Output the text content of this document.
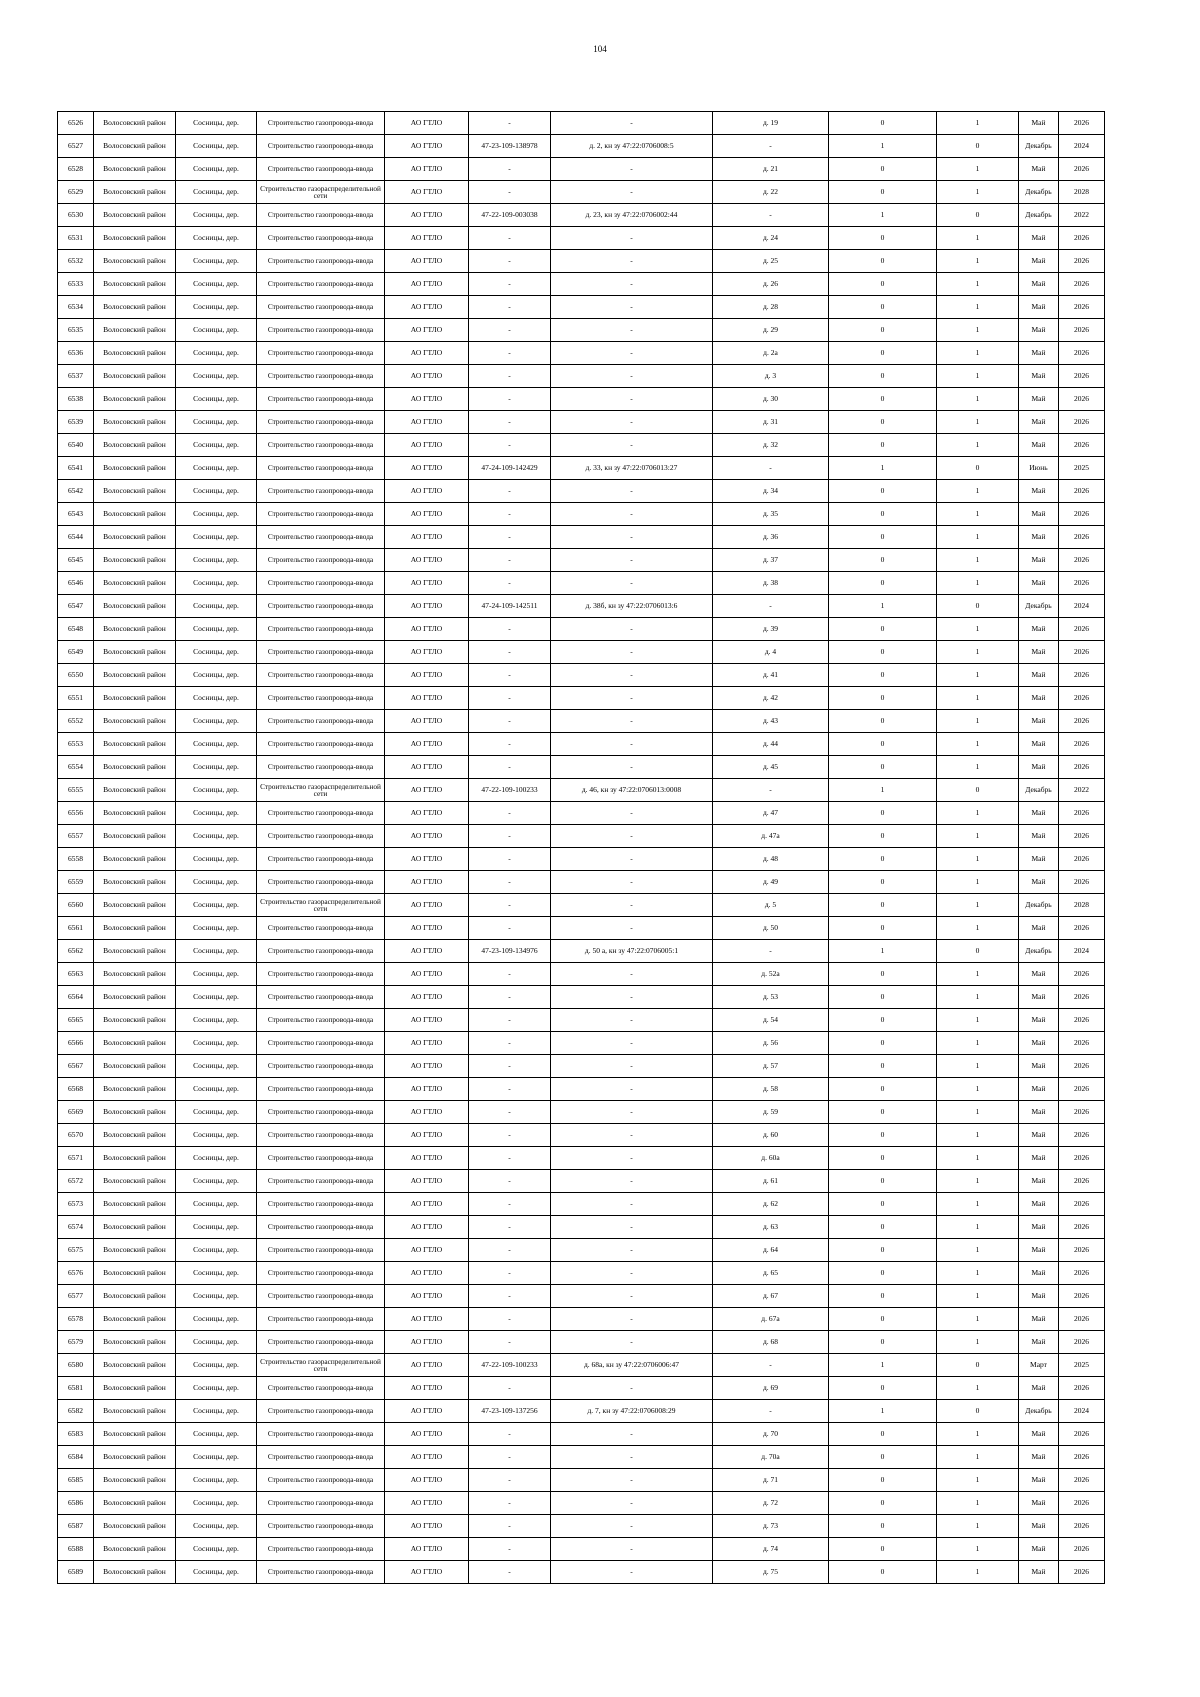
104
6526	Волосовский район	Сосницы, дер.	Строительство газопровода-ввода	АО ГТЛО	-	-	д. 19	0	1	Май	2026
6527	Волосовский район	Сосницы, дер.	Строительство газопровода-ввода	АО ГТЛО	47-23-109-138978	д. 2, кн зу 47:22:0706008:5	-	1	0	Декабрь	2024
6528	Волосовский район	Сосницы, дер.	Строительство газопровода-ввода	АО ГТЛО	-	-	д. 21	0	1	Май	2026
6529	Волосовский район	Сосницы, дер.	Строительство газораспределительной сети	АО ГТЛО	-	-	д. 22	0	1	Декабрь	2028
6530	Волосовский район	Сосницы, дер.	Строительство газопровода-ввода	АО ГТЛО	47-22-109-003038	д. 23, кн зу 47:22:0706002:44	-	1	0	Декабрь	2022
6531	Волосовский район	Сосницы, дер.	Строительство газопровода-ввода	АО ГТЛО	-	-	д. 24	0	1	Май	2026
6532	Волосовский район	Сосницы, дер.	Строительство газопровода-ввода	АО ГТЛО	-	-	д. 25	0	1	Май	2026
6533	Волосовский район	Сосницы, дер.	Строительство газопровода-ввода	АО ГТЛО	-	-	д. 26	0	1	Май	2026
6534	Волосовский район	Сосницы, дер.	Строительство газопровода-ввода	АО ГТЛО	-	-	д. 28	0	1	Май	2026
6535	Волосовский район	Сосницы, дер.	Строительство газопровода-ввода	АО ГТЛО	-	-	д. 29	0	1	Май	2026
6536	Волосовский район	Сосницы, дер.	Строительство газопровода-ввода	АО ГТЛО	-	-	д. 2а	0	1	Май	2026
6537	Волосовский район	Сосницы, дер.	Строительство газопровода-ввода	АО ГТЛО	-	-	д. 3	0	1	Май	2026
6538	Волосовский район	Сосницы, дер.	Строительство газопровода-ввода	АО ГТЛО	-	-	д. 30	0	1	Май	2026
6539	Волосовский район	Сосницы, дер.	Строительство газопровода-ввода	АО ГТЛО	-	-	д. 31	0	1	Май	2026
6540	Волосовский район	Сосницы, дер.	Строительство газопровода-ввода	АО ГТЛО	-	-	д. 32	0	1	Май	2026
6541	Волосовский район	Сосницы, дер.	Строительство газопровода-ввода	АО ГТЛО	47-24-109-142429	д. 33, кн зу 47:22:0706013:27	-	1	0	Июнь	2025
6542	Волосовский район	Сосницы, дер.	Строительство газопровода-ввода	АО ГТЛО	-	-	д. 34	0	1	Май	2026
6543	Волосовский район	Сосницы, дер.	Строительство газопровода-ввода	АО ГТЛО	-	-	д. 35	0	1	Май	2026
6544	Волосовский район	Сосницы, дер.	Строительство газопровода-ввода	АО ГТЛО	-	-	д. 36	0	1	Май	2026
6545	Волосовский район	Сосницы, дер.	Строительство газопровода-ввода	АО ГТЛО	-	-	д. 37	0	1	Май	2026
6546	Волосовский район	Сосницы, дер.	Строительство газопровода-ввода	АО ГТЛО	-	-	д. 38	0	1	Май	2026
6547	Волосовский район	Сосницы, дер.	Строительство газопровода-ввода	АО ГТЛО	47-24-109-142511	д. 38б, кн зу 47:22:0706013:6	-	1	0	Декабрь	2024
6548	Волосовский район	Сосницы, дер.	Строительство газопровода-ввода	АО ГТЛО	-	-	д. 39	0	1	Май	2026
6549	Волосовский район	Сосницы, дер.	Строительство газопровода-ввода	АО ГТЛО	-	-	д. 4	0	1	Май	2026
6550	Волосовский район	Сосницы, дер.	Строительство газопровода-ввода	АО ГТЛО	-	-	д. 41	0	1	Май	2026
6551	Волосовский район	Сосницы, дер.	Строительство газопровода-ввода	АО ГТЛО	-	-	д. 42	0	1	Май	2026
6552	Волосовский район	Сосницы, дер.	Строительство газопровода-ввода	АО ГТЛО	-	-	д. 43	0	1	Май	2026
6553	Волосовский район	Сосницы, дер.	Строительство газопровода-ввода	АО ГТЛО	-	-	д. 44	0	1	Май	2026
6554	Волосовский район	Сосницы, дер.	Строительство газопровода-ввода	АО ГТЛО	-	-	д. 45	0	1	Май	2026
6555	Волосовский район	Сосницы, дер.	Строительство газораспределительной сети	АО ГТЛО	47-22-109-100233	д. 46, кн зу 47:22:0706013:0008	-	1	0	Декабрь	2022
6556	Волосовский район	Сосницы, дер.	Строительство газопровода-ввода	АО ГТЛО	-	-	д. 47	0	1	Май	2026
6557	Волосовский район	Сосницы, дер.	Строительство газопровода-ввода	АО ГТЛО	-	-	д. 47а	0	1	Май	2026
6558	Волосовский район	Сосницы, дер.	Строительство газопровода-ввода	АО ГТЛО	-	-	д. 48	0	1	Май	2026
6559	Волосовский район	Сосницы, дер.	Строительство газопровода-ввода	АО ГТЛО	-	-	д. 49	0	1	Май	2026
6560	Волосовский район	Сосницы, дер.	Строительство газораспределительной сети	АО ГТЛО	-	-	д. 5	0	1	Декабрь	2028
6561	Волосовский район	Сосницы, дер.	Строительство газопровода-ввода	АО ГТЛО	-	-	д. 50	0	1	Май	2026
6562	Волосовский район	Сосницы, дер.	Строительство газопровода-ввода	АО ГТЛО	47-23-109-134976	д. 50 а, кн зу 47:22:0706005:1	-	1	0	Декабрь	2024
6563	Волосовский район	Сосницы, дер.	Строительство газопровода-ввода	АО ГТЛО	-	-	д. 52а	0	1	Май	2026
6564	Волосовский район	Сосницы, дер.	Строительство газопровода-ввода	АО ГТЛО	-	-	д. 53	0	1	Май	2026
6565	Волосовский район	Сосницы, дер.	Строительство газопровода-ввода	АО ГТЛО	-	-	д. 54	0	1	Май	2026
6566	Волосовский район	Сосницы, дер.	Строительство газопровода-ввода	АО ГТЛО	-	-	д. 56	0	1	Май	2026
6567	Волосовский район	Сосницы, дер.	Строительство газопровода-ввода	АО ГТЛО	-	-	д. 57	0	1	Май	2026
6568	Волосовский район	Сосницы, дер.	Строительство газопровода-ввода	АО ГТЛО	-	-	д. 58	0	1	Май	2026
6569	Волосовский район	Сосницы, дер.	Строительство газопровода-ввода	АО ГТЛО	-	-	д. 59	0	1	Май	2026
6570	Волосовский район	Сосницы, дер.	Строительство газопровода-ввода	АО ГТЛО	-	-	д. 60	0	1	Май	2026
6571	Волосовский район	Сосницы, дер.	Строительство газопровода-ввода	АО ГТЛО	-	-	д. 60а	0	1	Май	2026
6572	Волосовский район	Сосницы, дер.	Строительство газопровода-ввода	АО ГТЛО	-	-	д. 61	0	1	Май	2026
6573	Волосовский район	Сосницы, дер.	Строительство газопровода-ввода	АО ГТЛО	-	-	д. 62	0	1	Май	2026
6574	Волосовский район	Сосницы, дер.	Строительство газопровода-ввода	АО ГТЛО	-	-	д. 63	0	1	Май	2026
6575	Волосовский район	Сосницы, дер.	Строительство газопровода-ввода	АО ГТЛО	-	-	д. 64	0	1	Май	2026
6576	Волосовский район	Сосницы, дер.	Строительство газопровода-ввода	АО ГТЛО	-	-	д. 65	0	1	Май	2026
6577	Волосовский район	Сосницы, дер.	Строительство газопровода-ввода	АО ГТЛО	-	-	д. 67	0	1	Май	2026
6578	Волосовский район	Сосницы, дер.	Строительство газопровода-ввода	АО ГТЛО	-	-	д. 67а	0	1	Май	2026
6579	Волосовский район	Сосницы, дер.	Строительство газопровода-ввода	АО ГТЛО	-	-	д. 68	0	1	Май	2026
6580	Волосовский район	Сосницы, дер.	Строительство газораспределительной сети	АО ГТЛО	47-22-109-100233	д. 68а, кн зу 47:22:0706006:47	-	1	0	Март	2025
6581	Волосовский район	Сосницы, дер.	Строительство газопровода-ввода	АО ГТЛО	-	-	д. 69	0	1	Май	2026
6582	Волосовский район	Сосницы, дер.	Строительство газопровода-ввода	АО ГТЛО	47-23-109-137256	д. 7, кн зу 47:22:0706008:29	-	1	0	Декабрь	2024
6583	Волосовский район	Сосницы, дер.	Строительство газопровода-ввода	АО ГТЛО	-	-	д. 70	0	1	Май	2026
6584	Волосовский район	Сосницы, дер.	Строительство газопровода-ввода	АО ГТЛО	-	-	д. 70а	0	1	Май	2026
6585	Волосовский район	Сосницы, дер.	Строительство газопровода-ввода	АО ГТЛО	-	-	д. 71	0	1	Май	2026
6586	Волосовский район	Сосницы, дер.	Строительство газопровода-ввода	АО ГТЛО	-	-	д. 72	0	1	Май	2026
6587	Волосовский район	Сосницы, дер.	Строительство газопровода-ввода	АО ГТЛО	-	-	д. 73	0	1	Май	2026
6588	Волосовский район	Сосницы, дер.	Строительство газопровода-ввода	АО ГТЛО	-	-	д. 74	0	1	Май	2026
6589	Волосовский район	Сосницы, дер.	Строительство газопровода-ввода	АО ГТЛО	-	-	д. 75	0	1	Май	2026
